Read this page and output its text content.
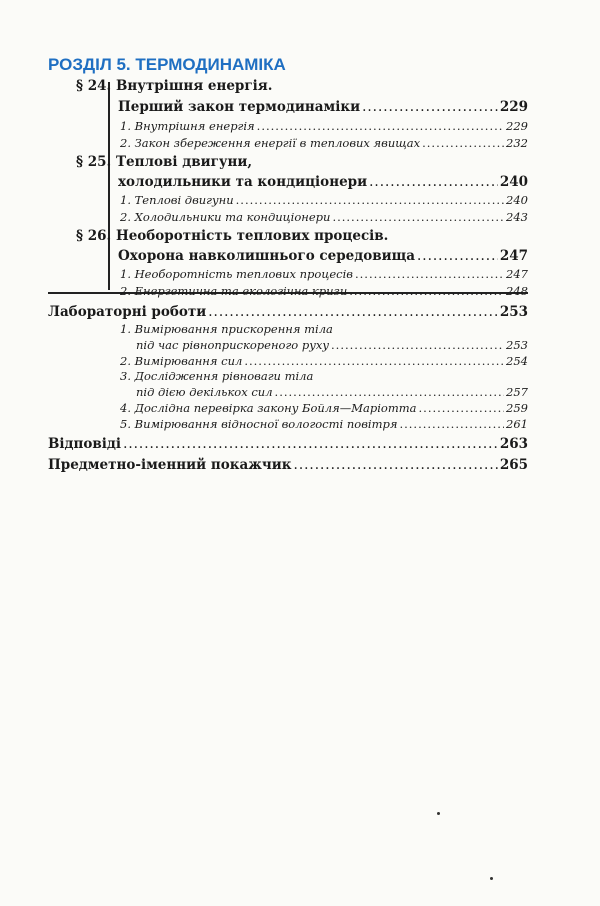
РОЗДІЛ 5. ТЕРМОДИНАМІКА
§ 24. Внутрішня енергія.
Перший закон термодинаміки .....	229
1. Внутрішня енергія .....	229
2. Закон збереження енергії в теплових явищах .....	232
§ 25. Теплові двигуни,
холодильники та кондиціонери .....	240
1. Теплові двигуни .....	240
2. Холодильники та кондиціонери .....	243
§ 26. Необоротність теплових процесів.
Охорона навколишнього середовища .....	247
1. Необоротність теплових процесів .....	247
2. Енергетична та екологічна кризи .....	248
Лабораторні роботи .....	253
1. Вимірювання прискорення тіла
під час рівноприскореного руху .....	253
2. Вимірювання сил .....	254
3. Дослідження рівноваги тіла
під дією декількох сил .....	257
4. Дослідна перевірка закону Бойля—Маріотта .....	259
5. Вимірювання відносної вологості повітря .....	261
Відповіді .....	263
Предметно-іменний покажчик .....	265
